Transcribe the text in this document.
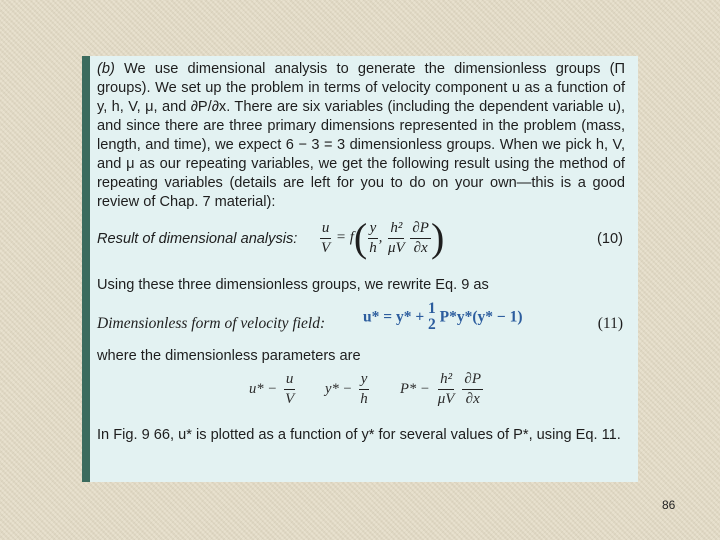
(b) We use dimensional analysis to generate the dimensionless groups (Π groups). We set up the problem in terms of velocity component u as a function of y, h, V, μ, and ∂P/∂x. There are six variables (including the dependent variable u), and since there are three primary dimensions represented in the problem (mass, length, and time), we expect 6 − 3 = 3 dimensionless groups. When we pick h, V, and μ as our repeating variables, we get the following result using the method of repeating variables (details are left for you to do on your own—this is a good review of Chap. 7 material):

Result of dimensional analysis: $\frac{u}{V} = f( \frac{y}{h}$ , $\frac{\text{h²}}{\mu V}$
$\frac{\partial P}{\partial x}$ )	(10)

Using these three dimensionless groups, we rewrite Eq. 9 as

Dimensionless form of velocity field: u* = y* + 1
2 P*y*(y* − 1)	(11)

where the dimensionless parameters are

$u* - \frac{u}{V} y* - \frac{y}{h} P* - \frac{\text{h²}}{\mu V} \frac{\partial P}{\partial x}$

In Fig. 9 66, u* is plotted as a function of y* for several values of P*, using Eq. 11.

86
